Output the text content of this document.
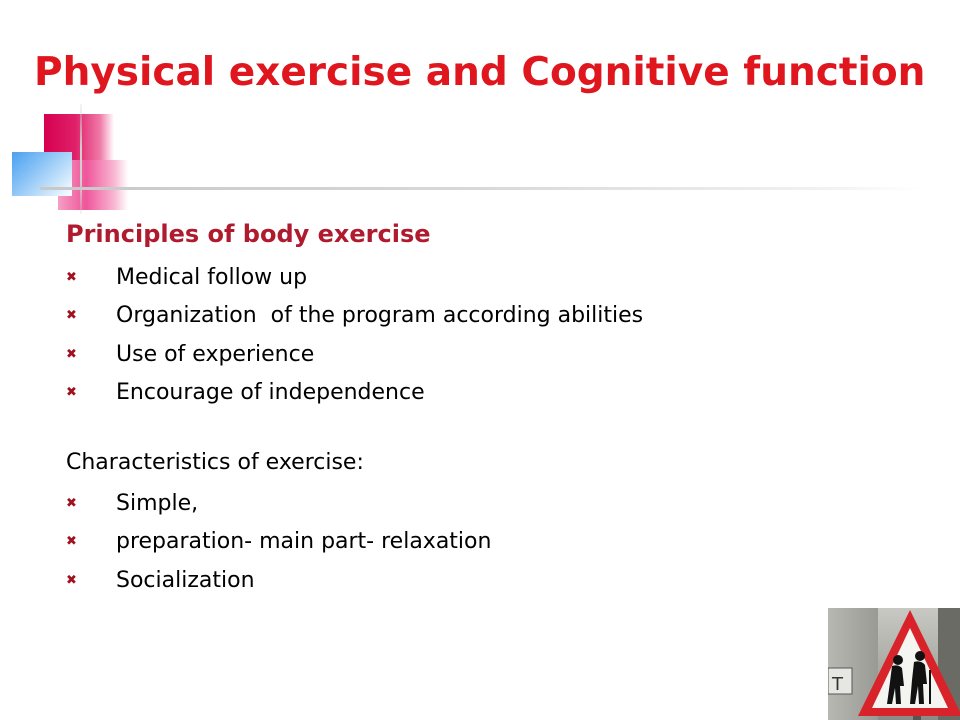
Physical exercise and Cognitive function
Principles of body exercise
✖ Medical follow up
✖ Organization  of the program according abilities
✖ Use of experience
✖ Encourage of independence
Characteristics of exercise:
✖ Simple,
✖ preparation- main part- relaxation
✖ Socialization
T
